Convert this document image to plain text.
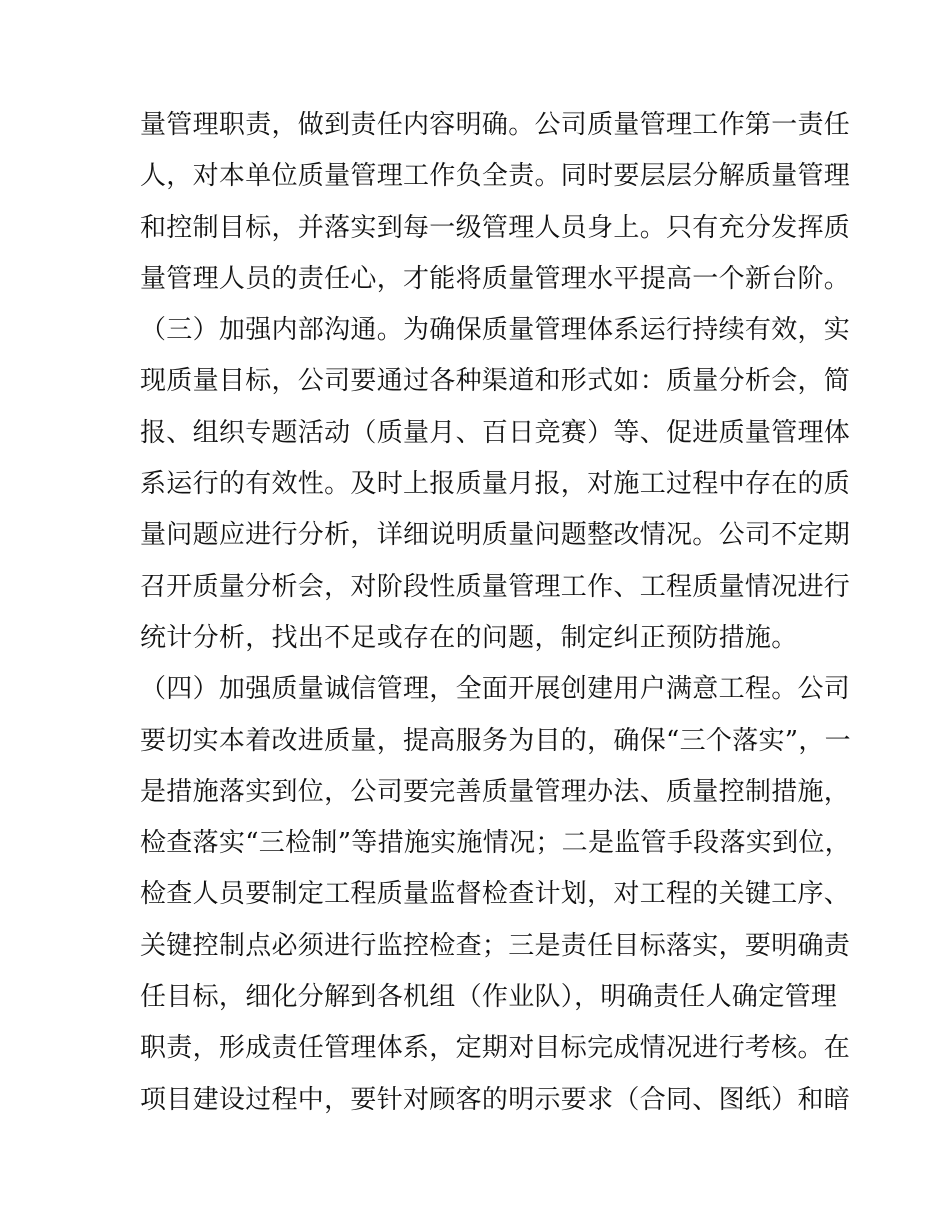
量管理职责，做到责任内容明确。公司质量管理工作第一责任
人，对本单位质量管理工作负全责。同时要层层分解质量管理
和控制目标，并落实到每一级管理人员身上。只有充分发挥质
量管理人员的责任心，才能将质量管理水平提高一个新台阶。
（三）加强内部沟通。为确保质量管理体系运行持续有效，实
现质量目标，公司要通过各种渠道和形式如：质量分析会，简
报、组织专题活动（质量月、百日竞赛）等、促进质量管理体
系运行的有效性。及时上报质量月报，对施工过程中存在的质
量问题应进行分析，详细说明质量问题整改情况。公司不定期
召开质量分析会，对阶段性质量管理工作、工程质量情况进行
统计分析，找出不足或存在的问题，制定纠正预防措施。
（四）加强质量诚信管理，全面开展创建用户满意工程。公司
要切实本着改进质量，提高服务为目的，确保“三个落实”，一
是措施落实到位，公司要完善质量管理办法、质量控制措施，
检查落实“三检制”等措施实施情况；二是监管手段落实到位，
检查人员要制定工程质量监督检查计划，对工程的关键工序、
关键控制点必须进行监控检查；三是责任目标落实，要明确责
任目标，细化分解到各机组（作业队），明确责任人确定管理
职责，形成责任管理体系，定期对目标完成情况进行考核。在
项目建设过程中，要针对顾客的明示要求（合同、图纸）和暗
